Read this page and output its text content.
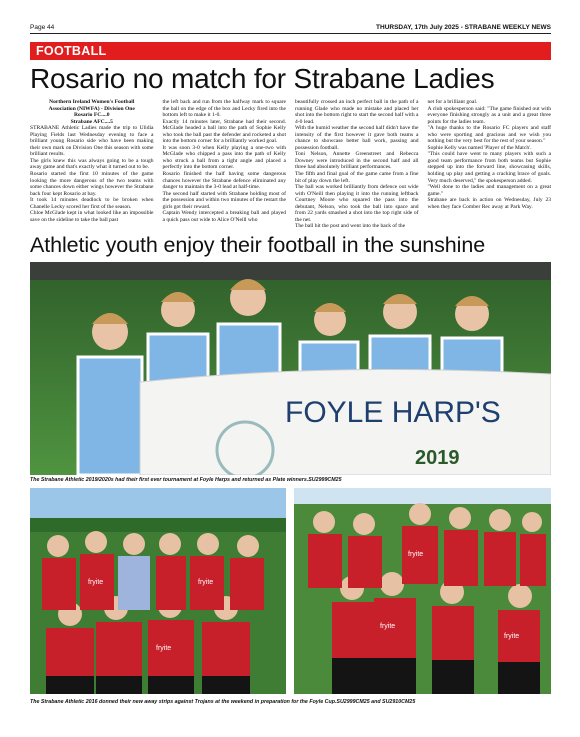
Page 44	THURSDAY, 17th July 2025 - STRABANE WEEKLY NEWS
FOOTBALL
Rosario no match for Strabane Ladies

Northern Ireland Women's Football

Association (NIWFA) - Division One

Rosario FC....0

Strabane AFC....5

STRABANE Athletic Ladies made the trip to Ulidia Playing Fields last Wednesday evening to face a brilliant young Rosario side who have been making their own mark on Division One this season with some brilliant results.

The girls knew this was always going to be a tough away game and that's exactly what it turned out to be.

Rosario started the first 10 minutes of the game looking the more dangerous of the two teams with some chances down either wings however the Strabane back four kept Rosario at bay.

It took 14 minutes deadlock to be broken when Chanelle Lecky scored her first of the season.

Chloe McGlade kept in what looked like an impossible save on the sideline to take the ball past

the left back and run from the halfway mark to square the ball on the edge of the box and Lecky fired into the bottom left to make it 1-0.

Exactly 14 minutes later, Strabane had their second. McGlade headed a ball into the path of Sophie Kelly who took the ball past the defender and rocketed a shot into the bottom corner for a brilliantly worked goal.

It was soon 3-0 when Kelly playing a one-two with McGlade who chipped a pass into the path of Kelly who struck a ball from a tight angle and placed a perfectly into the bottom corner.

Rosario finished the half having some dangerous chances however the Strabane defence eliminated any danger to maintain the 3-0 lead at half-time.

The second half started with Strabane holding most of the possession and within two minutes of the restart the girls got their reward.

Captain Wendy intercepted a breaking ball and played a quick pass out wide to Alice O'Neill who

beautifully crossed an inch perfect ball in the path of a running Glade who made no mistake and placed her shot into the bottom right to start the second half with a 4-0 lead.

With the humid weather the second half didn't have the intensity of the first however it gave both teams a chance to showcase better ball work, passing and possession football.

Toni Nelson, Annette Greenstreet and Rebecca Downey were introduced in the second half and all three had absolutely brilliant performances.

The fifth and final goal of the game came from a fine bit of play down the left.

The ball was worked brilliantly from defence out wide with O'Neill then playing it into the running leftback Courtney Moore who squared the pass into the debutant, Nelson, who took the ball into space and from 22 yards smashed a shot into the top right side of the net.

The ball hit the post and went into the back of the

net for a brilliant goal.

A club spokesperson said: "The game finished out with everyone finishing strongly as a unit and a great three points for the ladies team.

"A huge thanks to the Rosario FC players and staff who were sporting and gracious and we wish you nothing but the very best for the rest of your season."

Sophie Kelly was named 'Player of the Match'.

"This could have went to many players with such a good team performance from both teams but Sophie stepped up into the forward line, showcasing skills, holding up play and getting a cracking brace of goals. Very much deserved," the spokesperson added.

"Well done to the ladies and management on a great game."

Strabane are back in action on Wednesday, July 23 when they face Comber Rec away at Park Way.

Athletic youth enjoy their football in the sunshine
FOYLE HARP'S
2019
The Strabane Athletic 2019/2020s had their first ever tournament at Foyle Harps and returned as Plate winners.SU2999CM25
fryite	fryite
fryite
fryite
fryite
fryite
The Strabane Athletic 2016 donned their new away strips against Trojans at the weekend in preparation for the Foyle Cup.SU2999CM25 and SU2910CM25
